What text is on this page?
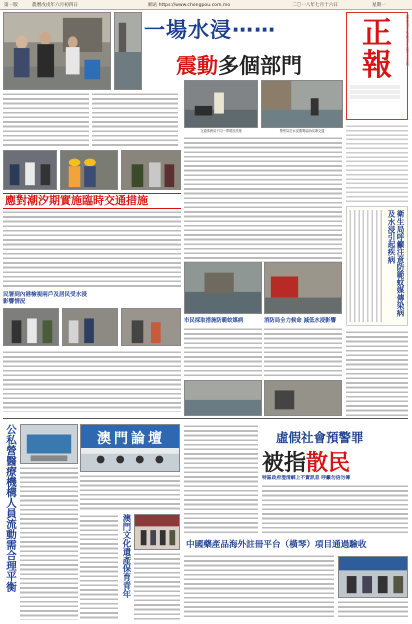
第一版	農曆戊戌年六月初四日	網站 https://www.chengpou.com.mo	二〇一八年七月十六日	星期一
一場水浸⋯⋯
震動多個部門
正報
澳門特別行政區報刊社有限公司出版
交通事務局不同一帶增設設施	警察局於水浸期間協助疏導交通
應對潮汐期實施臨時交通措施
民署到內港檢視兩戶及居民受水浸影響情況
市民採取措施防範蚊媒病	消防局全力候命 減低水浸影響
衛生局呼籲注意防範蚊媒傳染病及水浸引起疾病
公私營醫療機構人員流動需合理平衡	澳門論壇
澳門文化遺產保育青年
虛假社會預警罪
被指散民
特區政府澄清網上不實訊息 呼籲勿信勿傳
中國藥產品海外註冊平台（橫琴）項目通過驗收
